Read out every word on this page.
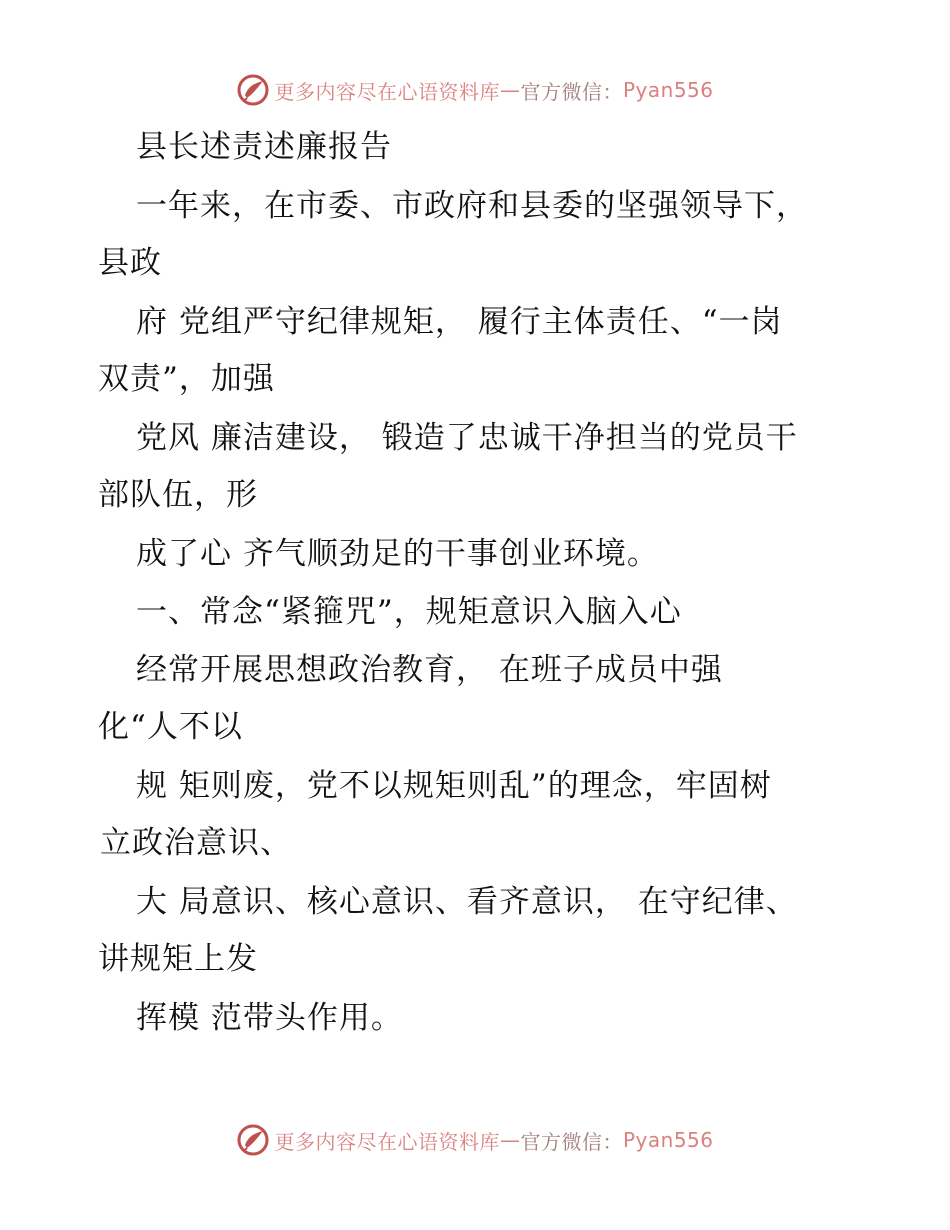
更多内容尽在心语资料库 — 官方微信： Pyan556
县长述责述廉报告
一年来，在市委、市政府和县委的坚强领导下，
县政
府 党组严守纪律规矩， 履行主体责任、“一岗
双责”，加强
党风 廉洁建设， 锻造了忠诚干净担当的党员干
部队伍，形
成了心 齐气顺劲足的干事创业环境。
一、常念“紧箍咒”，规矩意识入脑入心
经常开展思想政治教育， 在班子成员中强
化“人不以
规 矩则废，党不以规矩则乱”的理念，牢固树
立政治意识、
大 局意识、核心意识、看齐意识， 在守纪律、
讲规矩上发
挥模 范带头作用。
更多内容尽在心语资料库 — 官方微信： Pyan556
